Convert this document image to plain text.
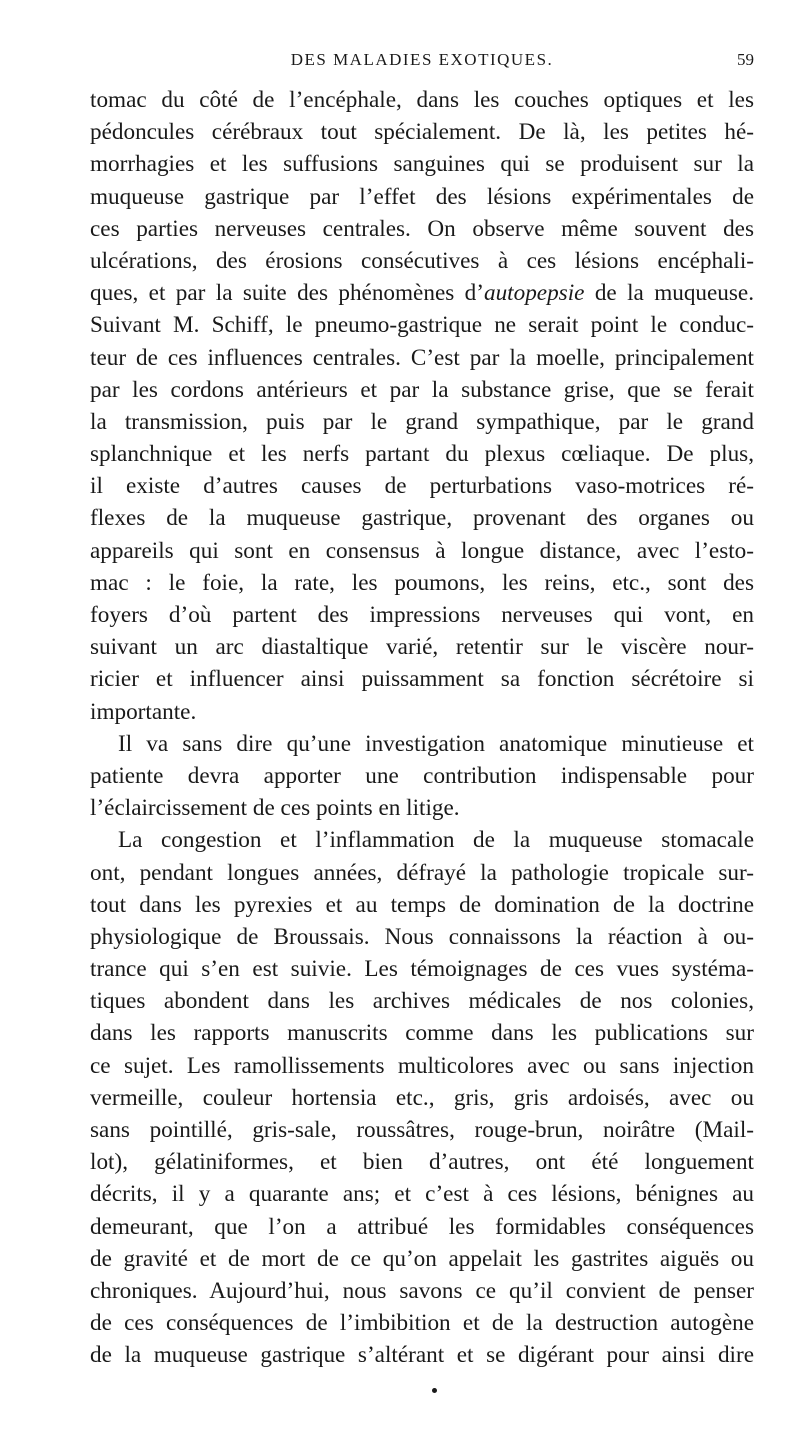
DES MALADIES EXOTIQUES.	59
tomac du côté de l’encéphale, dans les couches optiques et les
pédoncules cérébraux tout spécialement. De là, les petites hé-
morrhagies et les suffusions sanguines qui se produisent sur la
muqueuse gastrique par l’effet des lésions expérimentales de
ces parties nerveuses centrales. On observe même souvent des
ulcérations, des érosions consécutives à ces lésions encéphali-
ques, et par la suite des phénomènes d’autopepsie de la muqueuse.
Suivant M. Schiff, le pneumo-gastrique ne serait point le conduc-
teur de ces influences centrales. C’est par la moelle, principalement
par les cordons antérieurs et par la substance grise, que se ferait
la transmission, puis par le grand sympathique, par le grand
splanchnique et les nerfs partant du plexus cœliaque. De plus,
il existe d’autres causes de perturbations vaso-motrices ré-
flexes de la muqueuse gastrique, provenant des organes ou
appareils qui sont en consensus à longue distance, avec l’esto-
mac : le foie, la rate, les poumons, les reins, etc., sont des
foyers d’où partent des impressions nerveuses qui vont, en
suivant un arc diastaltique varié, retentir sur le viscère nour-
ricier et influencer ainsi puissamment sa fonction sécrétoire si
importante.
Il va sans dire qu’une investigation anatomique minutieuse et
patiente devra apporter une contribution indispensable pour
l’éclaircissement de ces points en litige.
La congestion et l’inflammation de la muqueuse stomacale
ont, pendant longues années, défrayé la pathologie tropicale sur-
tout dans les pyrexies et au temps de domination de la doctrine
physiologique de Broussais. Nous connaissons la réaction à ou-
trance qui s’en est suivie. Les témoignages de ces vues systéma-
tiques abondent dans les archives médicales de nos colonies,
dans les rapports manuscrits comme dans les publications sur
ce sujet. Les ramollissements multicolores avec ou sans injection
vermeille, couleur hortensia etc., gris, gris ardoisés, avec ou
sans pointillé, gris-sale, roussâtres, rouge-brun, noirâtre (Mail-
lot), gélatiniformes, et bien d’autres, ont été longuement
décrits, il y a quarante ans; et c’est à ces lésions, bénignes au
demeurant, que l’on a attribué les formidables conséquences
de gravité et de mort de ce qu’on appelait les gastrites aiguës ou
chroniques. Aujourd’hui, nous savons ce qu’il convient de penser
de ces conséquences de l’imbibition et de la destruction autogène
de la muqueuse gastrique s’altérant et se digérant pour ainsi dire
